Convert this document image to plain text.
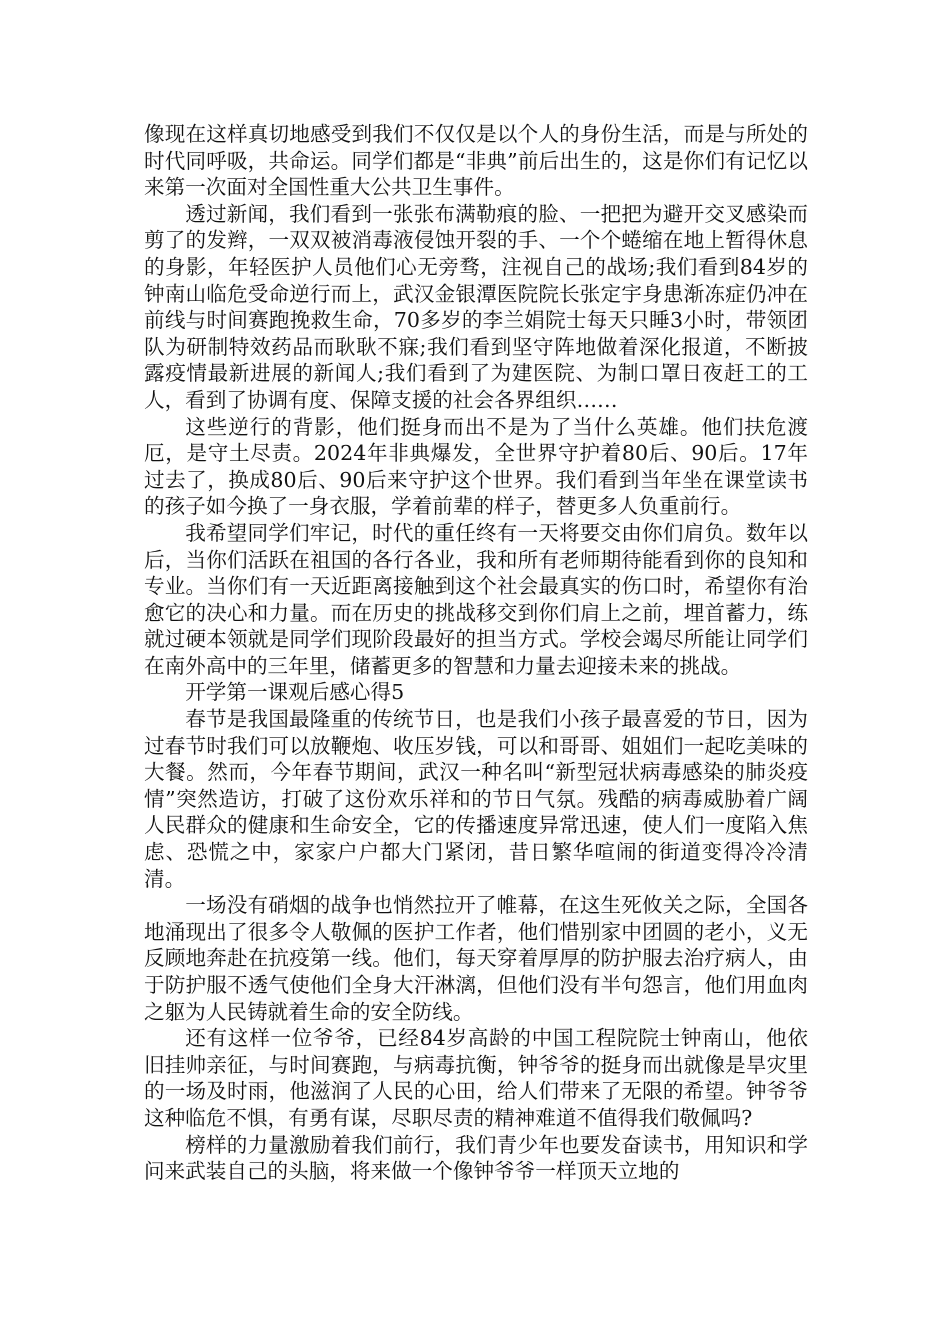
像现在这样真切地感受到我们不仅仅是以个人的身份生活，而是与所处的时代同呼吸，共命运。同学们都是“非典”前后出生的，这是你们有记忆以来第一次面对全国性重大公共卫生事件。

透过新闻，我们看到一张张布满勒痕的脸、一把把为避开交叉感染而剪了的发辫，一双双被消毒液侵蚀开裂的手、一个个蜷缩在地上暂得休息的身影，年轻医护人员他们心无旁骛，注视自己的战场;我们看到84岁的钟南山临危受命逆行而上，武汉金银潭医院院长张定宇身患渐冻症仍冲在前线与时间赛跑挽救生命，70多岁的李兰娟院士每天只睡3小时，带领团队为研制特效药品而耿耿不寐;我们看到坚守阵地做着深化报道，不断披露疫情最新进展的新闻人;我们看到了为建医院、为制口罩日夜赶工的工人，看到了协调有度、保障支援的社会各界组织……

这些逆行的背影，他们挺身而出不是为了当什么英雄。他们扶危渡厄，是守土尽责。2024年非典爆发，全世界守护着80后、90后。17年过去了，换成80后、90后来守护这个世界。我们看到当年坐在课堂读书的孩子如今换了一身衣服，学着前辈的样子，替更多人负重前行。

我希望同学们牢记，时代的重任终有一天将要交由你们肩负。数年以后，当你们活跃在祖国的各行各业，我和所有老师期待能看到你的良知和专业。当你们有一天近距离接触到这个社会最真实的伤口时，希望你有治愈它的决心和力量。而在历史的挑战移交到你们肩上之前，埋首蓄力，练就过硬本领就是同学们现阶段最好的担当方式。学校会竭尽所能让同学们在南外高中的三年里，储蓄更多的智慧和力量去迎接未来的挑战。

开学第一课观后感心得5

春节是我国最隆重的传统节日，也是我们小孩子最喜爱的节日，因为过春节时我们可以放鞭炮、收压岁钱，可以和哥哥、姐姐们一起吃美味的大餐。然而，今年春节期间，武汉一种名叫“新型冠状病毒感染的肺炎疫情”突然造访，打破了这份欢乐祥和的节日气氛。残酷的病毒威胁着广阔人民群众的健康和生命安全，它的传播速度异常迅速，使人们一度陷入焦虑、恐慌之中，家家户户都大门紧闭，昔日繁华喧闹的街道变得冷冷清清。

一场没有硝烟的战争也悄然拉开了帷幕，在这生死攸关之际，全国各地涌现出了很多令人敬佩的医护工作者，他们惜别家中团圆的老小，义无反顾地奔赴在抗疫第一线。他们，每天穿着厚厚的防护服去治疗病人，由于防护服不透气使他们全身大汗淋漓，但他们没有半句怨言，他们用血肉之躯为人民铸就着生命的安全防线。

还有这样一位爷爷，已经84岁高龄的中国工程院院士钟南山，他依旧挂帅亲征，与时间赛跑，与病毒抗衡，钟爷爷的挺身而出就像是旱灾里的一场及时雨，他滋润了人民的心田，给人们带来了无限的希望。钟爷爷这种临危不惧，有勇有谋，尽职尽责的精神难道不值得我们敬佩吗?

榜样的力量激励着我们前行，我们青少年也要发奋读书，用知识和学问来武装自己的头脑，将来做一个像钟爷爷一样顶天立地的
